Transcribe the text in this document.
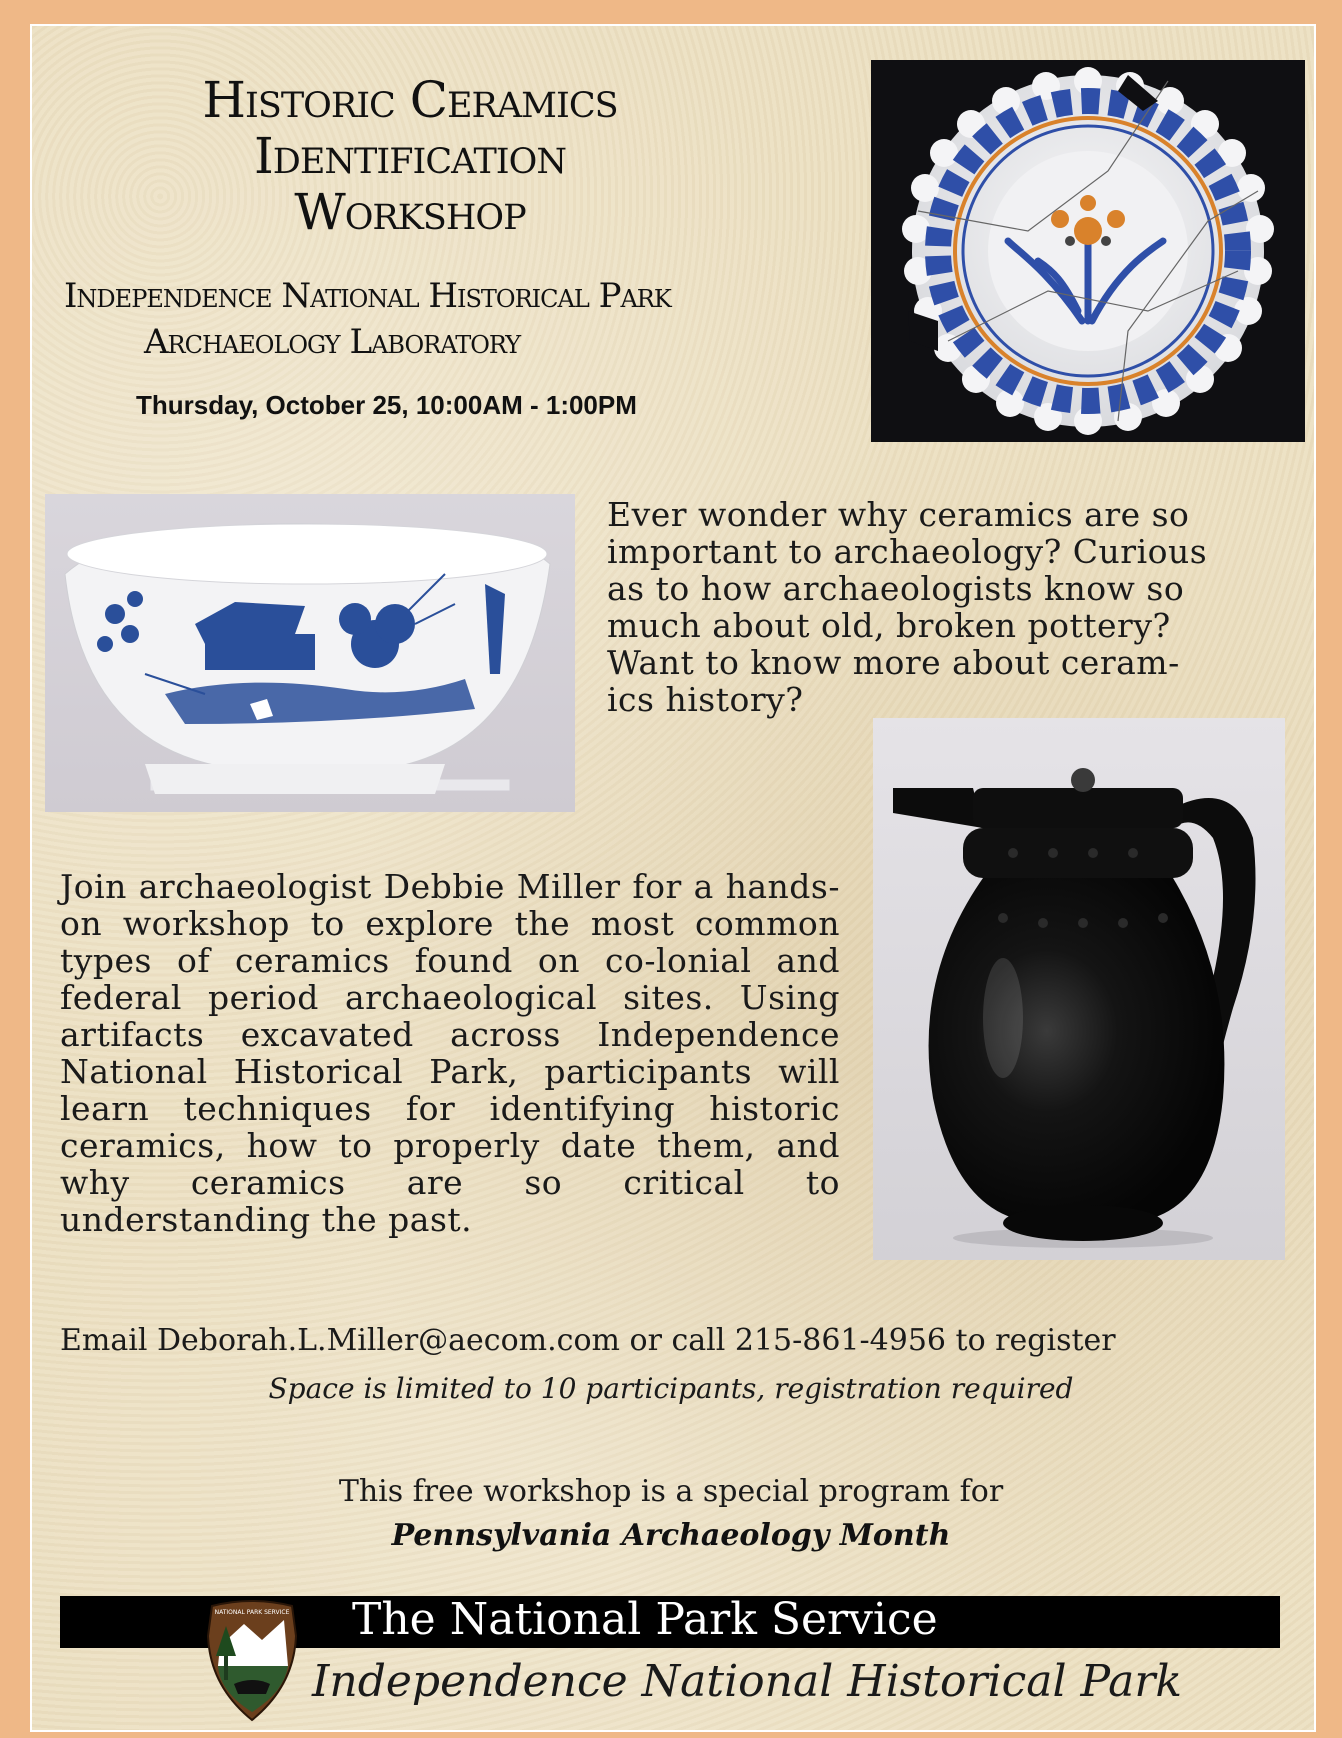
Historic Ceramics
Identification
Workshop
Independence National Historical Park
Archaeology Laboratory
Thursday, October 25, 10:00AM - 1:00PM
Ever wonder why ceramics are so
important to archaeology? Curious
as to how archaeologists know so
much about old, broken pottery?
Want to know more about ceram-
ics history?
Join archaeologist Debbie Miller for a hands-on workshop to explore the most common types of ceramics found on co-lonial and federal period archaeological sites. Using artifacts excavated across Independence National Historical Park, participants will learn techniques for identifying historic ceramics, how to properly date them, and why ceramics are so critical to understanding the past.
Email Deborah.L.Miller@aecom.com or call 215-861-4956 to register
Space is limited to 10 participants, registration required
This free workshop is a special program for
Pennsylvania Archaeology Month
The National Park Service
Independence National Historical Park
NATIONAL PARK SERVICE
